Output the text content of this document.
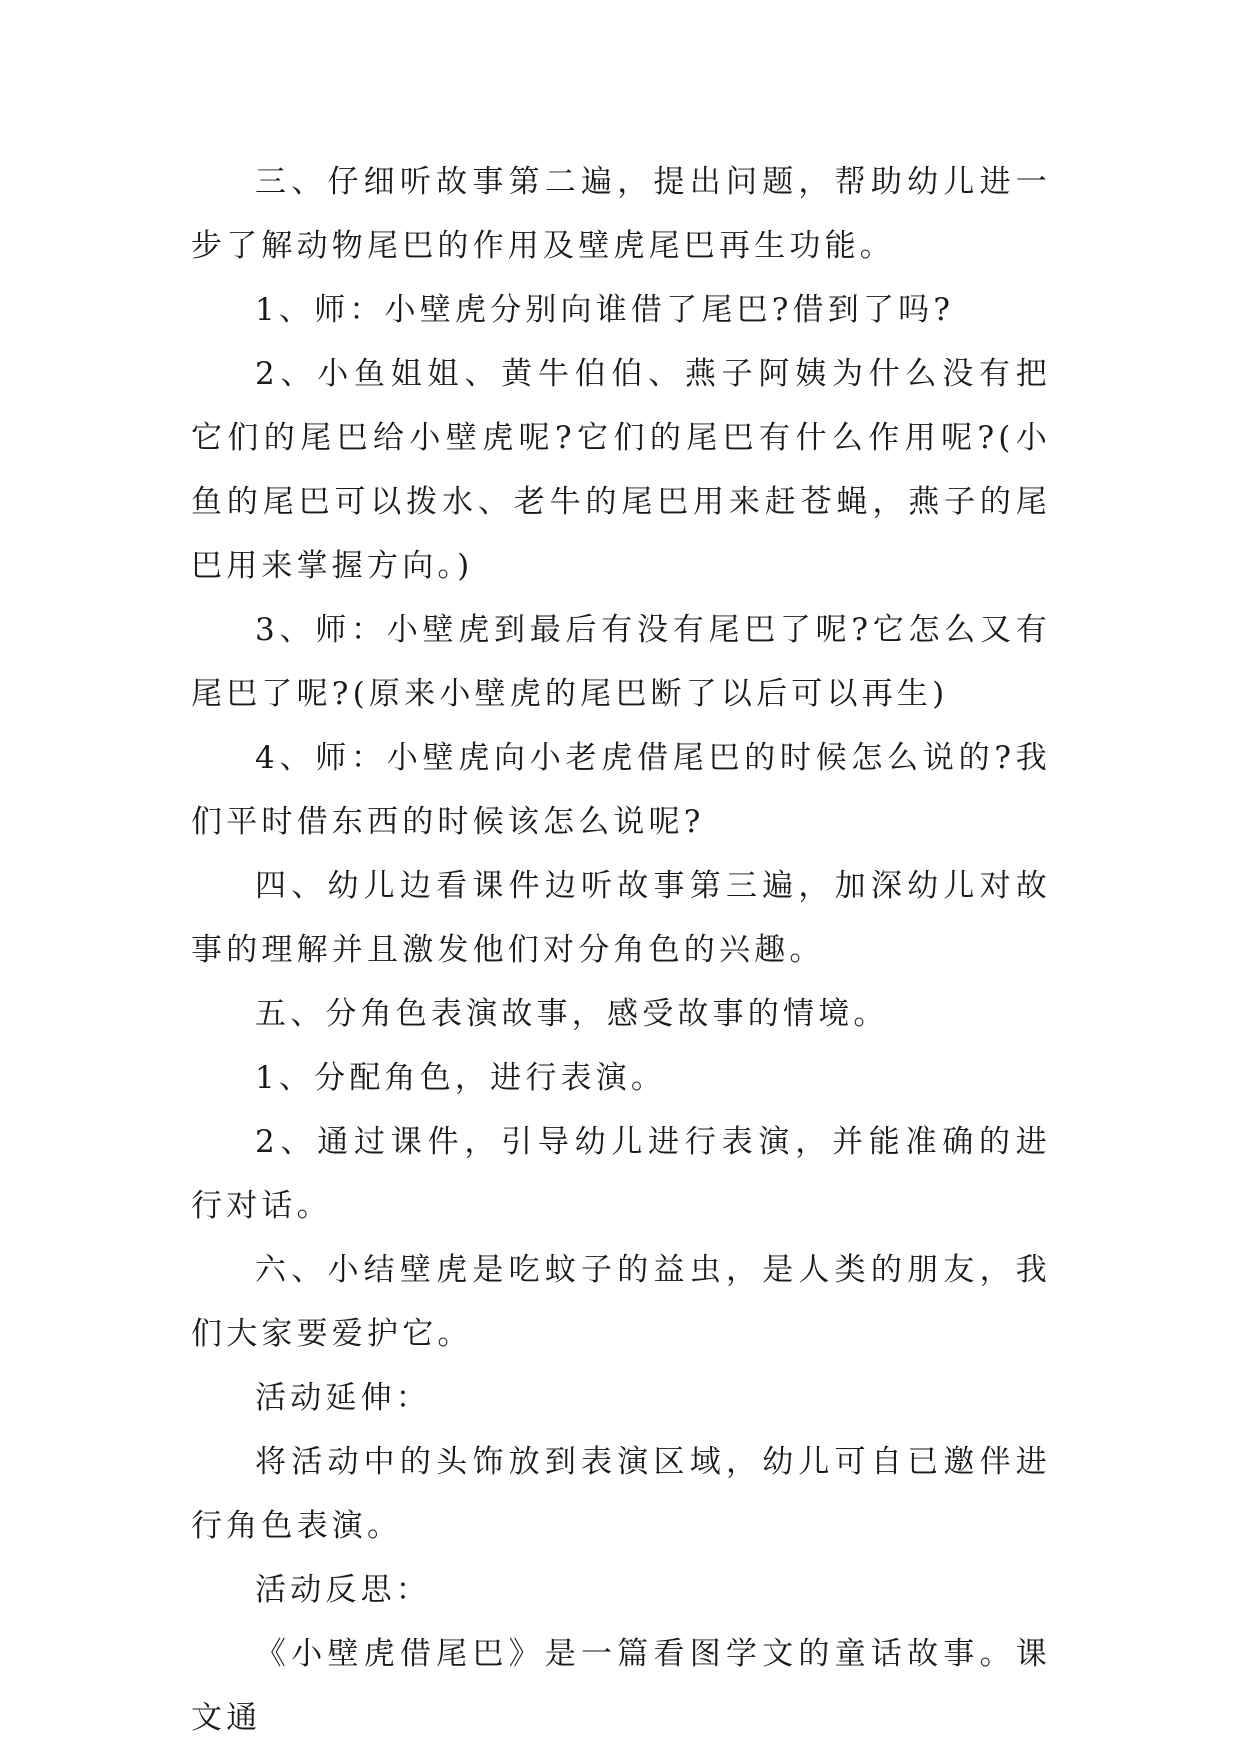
三、仔细听故事第二遍，提出问题，帮助幼儿进一步了解动物尾巴的作用及壁虎尾巴再生功能。

1、师：小壁虎分别向谁借了尾巴?借到了吗?

2、小鱼姐姐、黄牛伯伯、燕子阿姨为什么没有把它们的尾巴给小壁虎呢?它们的尾巴有什么作用呢?(小鱼的尾巴可以拨水、老牛的尾巴用来赶苍蝇，燕子的尾巴用来掌握方向。)

3、师：小壁虎到最后有没有尾巴了呢?它怎么又有尾巴了呢?(原来小壁虎的尾巴断了以后可以再生)

4、师：小壁虎向小老虎借尾巴的时候怎么说的?我们平时借东西的时候该怎么说呢?

四、幼儿边看课件边听故事第三遍，加深幼儿对故事的理解并且激发他们对分角色的兴趣。

五、分角色表演故事，感受故事的情境。

1、分配角色，进行表演。

2、通过课件，引导幼儿进行表演，并能准确的进行对话。

六、小结壁虎是吃蚊子的益虫，是人类的朋友，我们大家要爱护它。

活动延伸：

将活动中的头饰放到表演区域，幼儿可自已邀伴进行角色表演。

活动反思：

《小壁虎借尾巴》是一篇看图学文的童话故事。课文通
